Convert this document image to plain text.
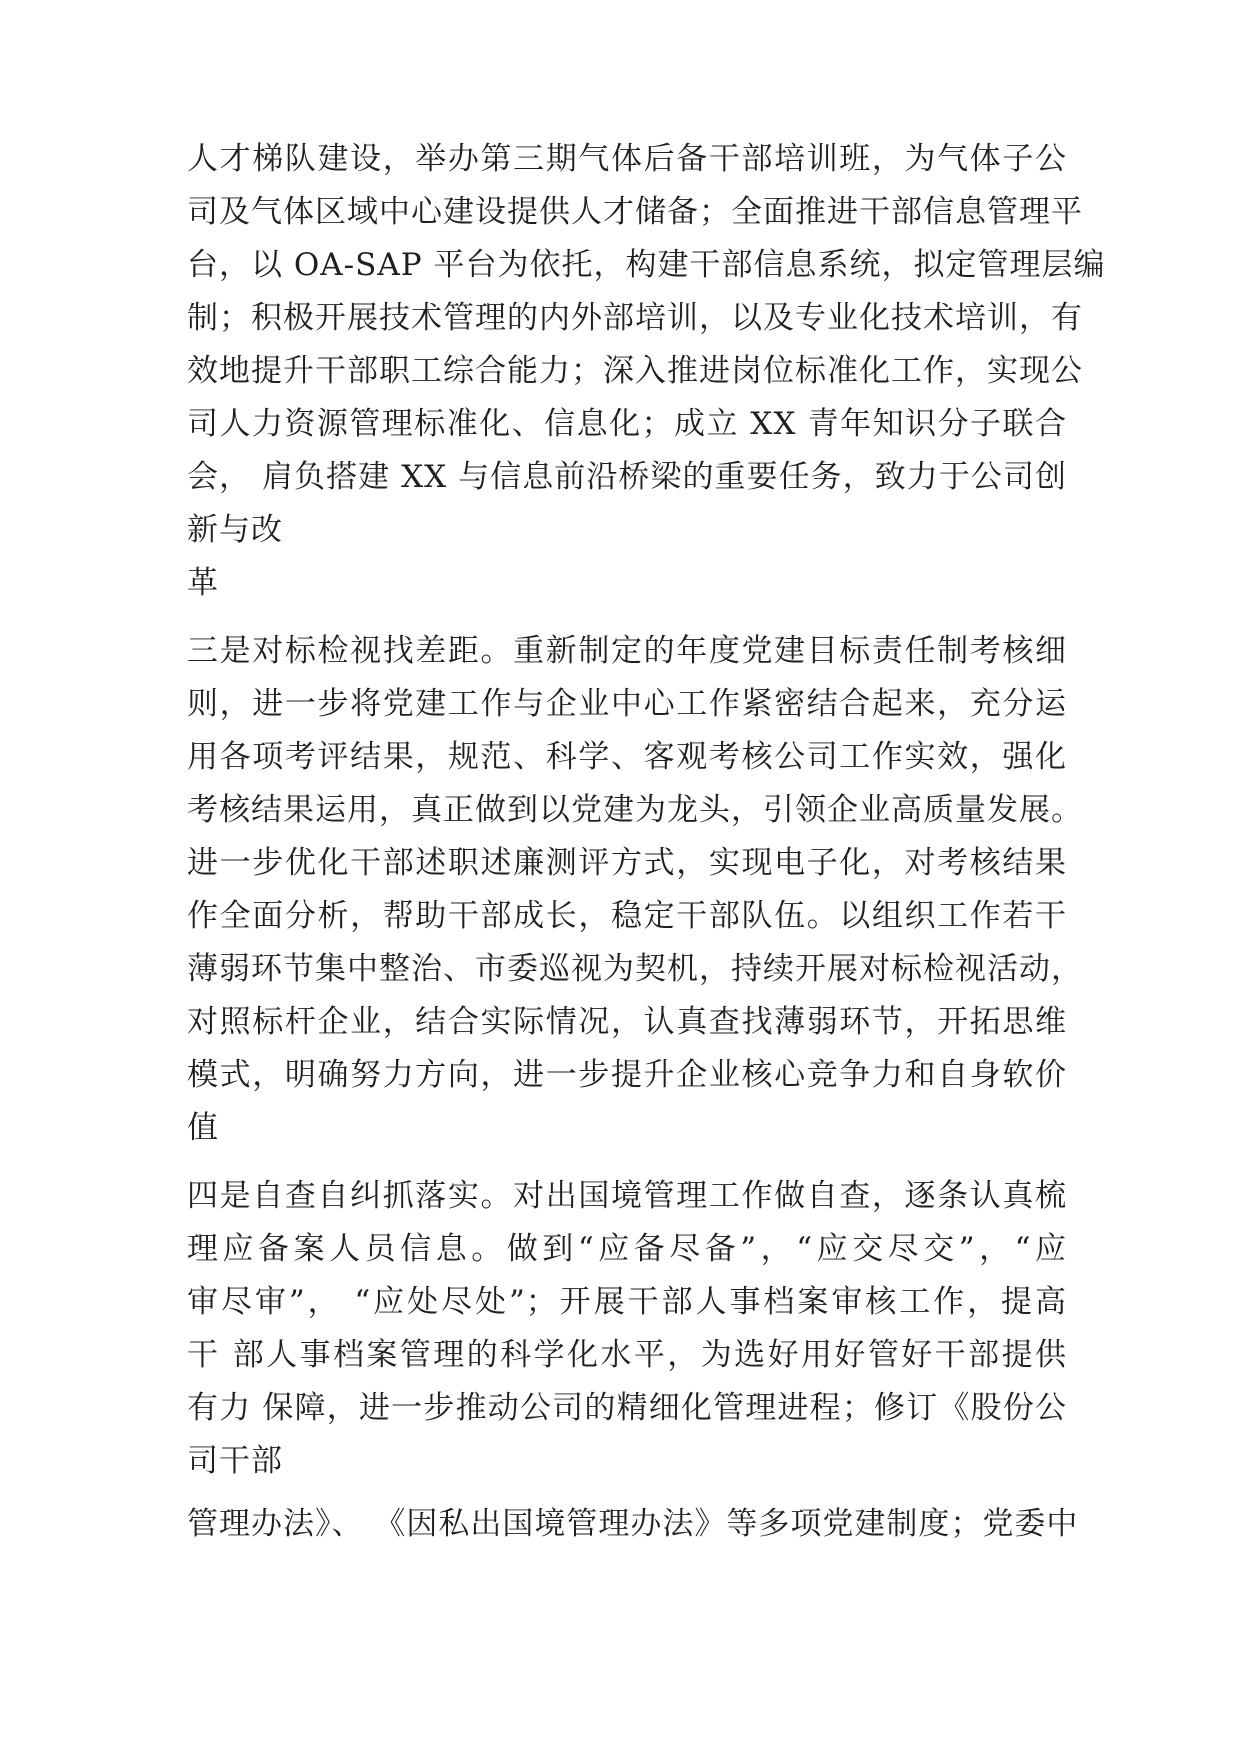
人才梯队建设，举办第三期气体后备干部培训班，为气体子公
司及气体区域中心建设提供人才储备；全面推进干部信息管理平
台，以 OA-SAP 平台为依托，构建干部信息系统，拟定管理层编
制；积极开展技术管理的内外部培训，以及专业化技术培训，有
效地提升干部职工综合能力；深入推进岗位标准化工作，实现公
司人力资源管理标准化、信息化；成立 XX 青年知识分子联合
会， 肩负搭建 XX 与信息前沿桥梁的重要任务，致力于公司创
新与改
革
三是对标检视找差距。重新制定的年度党建目标责任制考核细
则，进一步将党建工作与企业中心工作紧密结合起来，充分运
用各项考评结果，规范、科学、客观考核公司工作实效，强化
考核结果运用，真正做到以党建为龙头，引领企业高质量发展。
进一步优化干部述职述廉测评方式，实现电子化，对考核结果
作全面分析，帮助干部成长，稳定干部队伍。以组织工作若干
薄弱环节集中整治、市委巡视为契机，持续开展对标检视活动，
对照标杆企业，结合实际情况，认真查找薄弱环节，开拓思维
模式，明确努力方向，进一步提升企业核心竞争力和自身软价
值
四是自查自纠抓落实。对出国境管理工作做自查，逐条认真梳
理应备案人员信息。做到“应备尽备”，“应交尽交”，“应
审尽审”， “应处尽处”；开展干部人事档案审核工作，提高
干 部人事档案管理的科学化水平，为选好用好管好干部提供
有力 保障，进一步推动公司的精细化管理进程；修订《股份公
司干部
管理办法》、 《因私出国境管理办法》等多项党建制度；党委中
